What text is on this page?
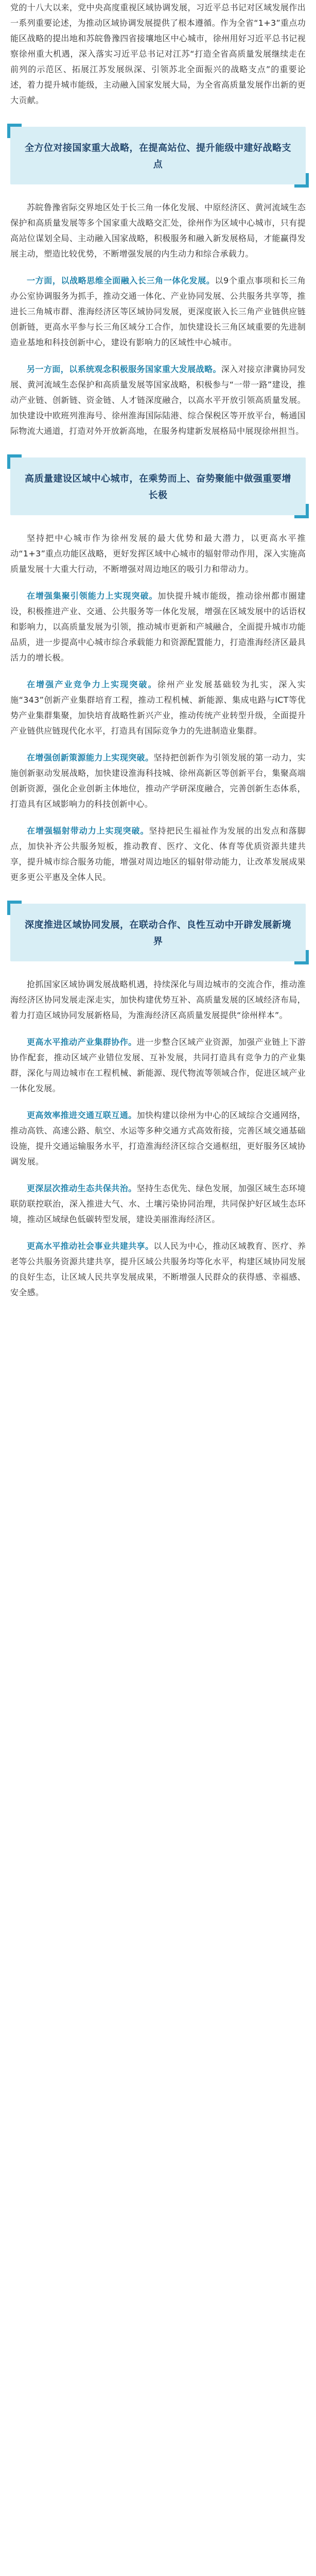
党的十八大以来，党中央高度重视区域协调发展，习近平总书记对区域发展作出一系列重要论述，为推动区域协调发展提供了根本遵循。作为全省“1+3”重点功能区战略的提出地和苏皖鲁豫四省接壤地区中心城市，徐州用好习近平总书记视察徐州重大机遇，深入落实习近平总书记对江苏“打造全省高质量发展继续走在前列的示范区、拓展江苏发展纵深、引领苏北全面振兴的战略支点”的重要论述，着力提升城市能级，主动融入国家发展大局，为全省高质量发展作出新的更大贡献。

全方位对接国家重大战略，在提高站位、提升能级中建好战略支点

苏皖鲁豫省际交界地区处于长三角一体化发展、中原经济区、黄河流域生态保护和高质量发展等多个国家重大战略交汇处，徐州作为区域中心城市，只有提高站位谋划全局、主动融入国家战略，积极服务和融入新发展格局，才能赢得发展主动，塑造比较优势，不断增强发展的内生动力和综合承载力。

一方面，以战略思维全面融入长三角一体化发展。以9个重点事项和长三角办公室协调服务为抓手，推动交通一体化、产业协同发展、公共服务共享等，推进长三角城市群、淮海经济区等区域协同发展，更深度嵌入长三角产业链供应链创新链，更高水平参与长三角区域分工合作，加快建设长三角区域重要的先进制造业基地和科技创新中心，建设有影响力的区域性中心城市。

另一方面，以系统观念积极服务国家重大发展战略。深入对接京津冀协同发展、黄河流域生态保护和高质量发展等国家战略，积极参与“一带一路”建设，推动产业链、创新链、资金链、人才链深度融合，以高水平开放引领高质量发展。加快建设中欧班列淮海号、徐州淮海国际陆港、综合保税区等开放平台，畅通国际物流大通道，打造对外开放新高地，在服务构建新发展格局中展现徐州担当。

高质量建设区域中心城市，在乘势而上、奋势聚能中做强重要增长极

坚持把中心城市作为徐州发展的最大优势和最大潜力，以更高水平推动“1+3”重点功能区战略，更好发挥区域中心城市的辐射带动作用，深入实施高质量发展十大重大行动，不断增强对周边地区的吸引力和带动力。

在增强集聚引领能力上实现突破。加快提升城市能级，推动徐州都市圈建设，积极推进产业、交通、公共服务等一体化发展，增强在区域发展中的话语权和影响力，以高质量发展为引领，推动城市更新和产城融合，全面提升城市功能品质，进一步提高中心城市综合承载能力和资源配置能力，打造淮海经济区最具活力的增长极。

在增强产业竞争力上实现突破。徐州产业发展基础较为扎实，深入实施“343”创新产业集群培育工程，推动工程机械、新能源、集成电路与ICT等优势产业集群集聚，加快培育战略性新兴产业，推动传统产业转型升级，全面提升产业链供应链现代化水平，打造具有国际竞争力的先进制造业集群。

在增强创新策源能力上实现突破。坚持把创新作为引领发展的第一动力，实施创新驱动发展战略，加快建设淮海科技城、徐州高新区等创新平台，集聚高端创新资源，强化企业创新主体地位，推动产学研深度融合，完善创新生态体系，打造具有区域影响力的科技创新中心。

在增强辐射带动力上实现突破。坚持把民生福祉作为发展的出发点和落脚点，加快补齐公共服务短板，推动教育、医疗、文化、体育等优质资源共建共享，提升城市综合服务功能，增强对周边地区的辐射带动能力，让改革发展成果更多更公平惠及全体人民。

深度推进区域协同发展，在联动合作、良性互动中开辟发展新境界

抢抓国家区域协调发展战略机遇，持续深化与周边城市的交流合作，推动淮海经济区协同发展走深走实，加快构建优势互补、高质量发展的区域经济布局，着力打造区域协同发展新格局，为淮海经济区高质量发展提供“徐州样本”。

更高水平推动产业集群协作。进一步整合区域产业资源，加强产业链上下游协作配套，推动区域产业错位发展、互补发展，共同打造具有竞争力的产业集群，深化与周边城市在工程机械、新能源、现代物流等领域合作，促进区域产业一体化发展。

更高效率推进交通互联互通。加快构建以徐州为中心的区域综合交通网络，推动高铁、高速公路、航空、水运等多种交通方式高效衔接，完善区域交通基础设施，提升交通运输服务水平，打造淮海经济区综合交通枢纽，更好服务区域协调发展。

更深层次推动生态共保共治。坚持生态优先、绿色发展，加强区域生态环境联防联控联治，深入推进大气、水、土壤污染协同治理，共同保护好区域生态环境，推动区域绿色低碳转型发展，建设美丽淮海经济区。

更高水平推动社会事业共建共享。以人民为中心，推动区域教育、医疗、养老等公共服务资源共建共享，提升区域公共服务均等化水平，构建区域协同发展的良好生态，让区域人民共享发展成果，不断增强人民群众的获得感、幸福感、安全感。
